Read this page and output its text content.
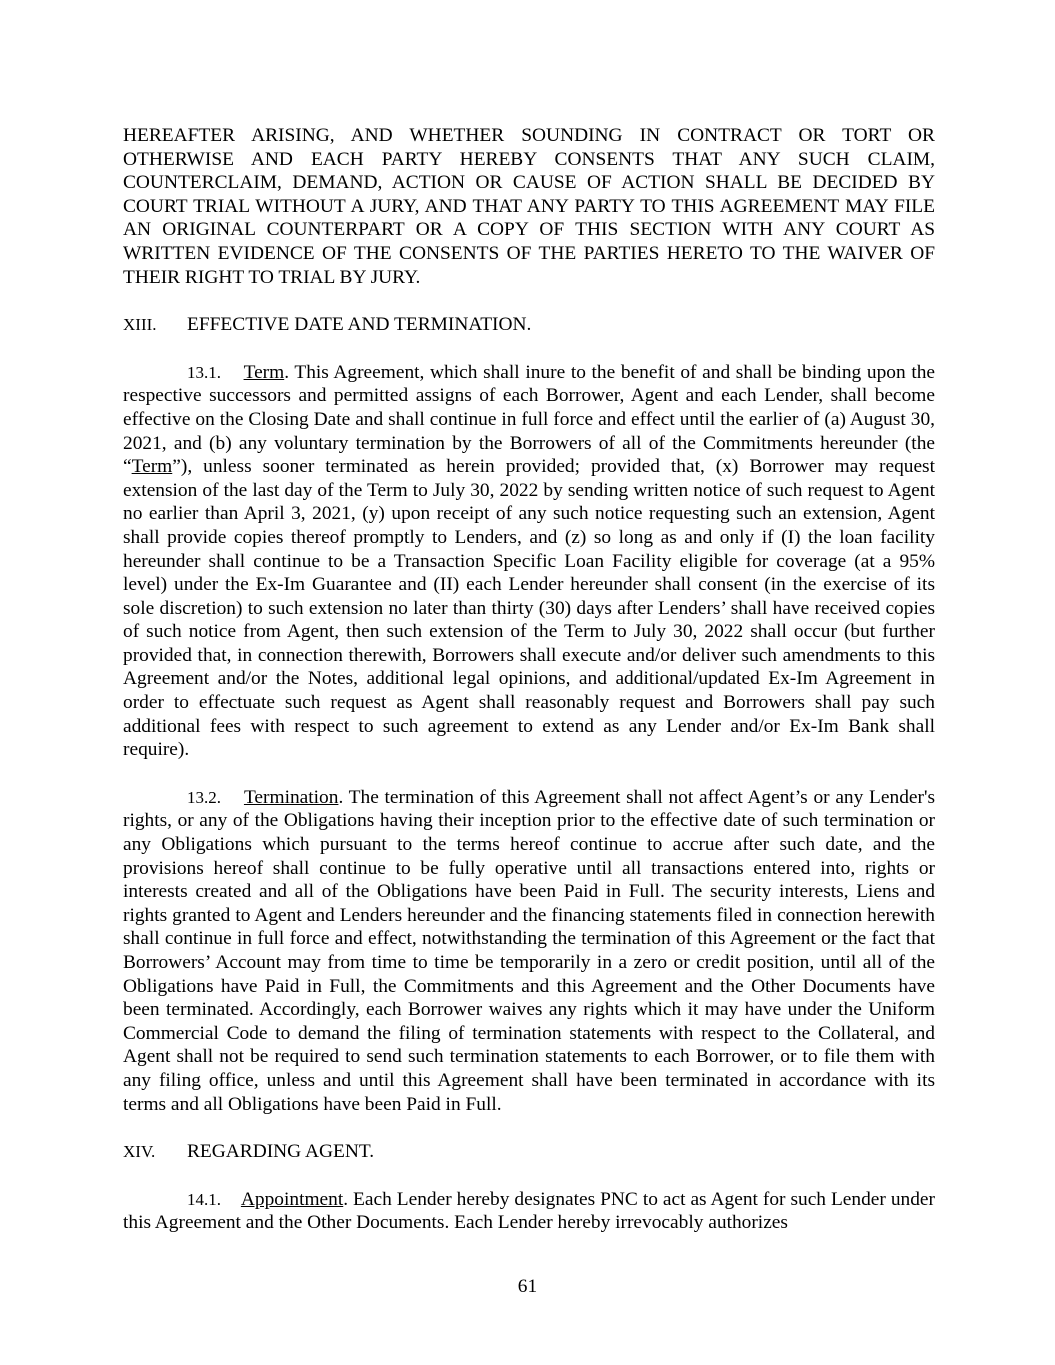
HEREAFTER ARISING, AND WHETHER SOUNDING IN CONTRACT OR TORT OR OTHERWISE AND EACH PARTY HEREBY CONSENTS THAT ANY SUCH CLAIM, COUNTERCLAIM, DEMAND, ACTION OR CAUSE OF ACTION SHALL BE DECIDED BY COURT TRIAL WITHOUT A JURY, AND THAT ANY PARTY TO THIS AGREEMENT MAY FILE AN ORIGINAL COUNTERPART OR A COPY OF THIS SECTION WITH ANY COURT AS WRITTEN EVIDENCE OF THE CONSENTS OF THE PARTIES HERETO TO THE WAIVER OF THEIR RIGHT TO TRIAL BY JURY.

XIII. EFFECTIVE DATE AND TERMINATION.

13.1. Term. This Agreement, which shall inure to the benefit of and shall be binding upon the respective successors and permitted assigns of each Borrower, Agent and each Lender, shall become effective on the Closing Date and shall continue in full force and effect until the earlier of (a) August 30, 2021, and (b) any voluntary termination by the Borrowers of all of the Commitments hereunder (the “Term”), unless sooner terminated as herein provided; provided that, (x) Borrower may request extension of the last day of the Term to July 30, 2022 by sending written notice of such request to Agent no earlier than April 3, 2021, (y) upon receipt of any such notice requesting such an extension, Agent shall provide copies thereof promptly to Lenders, and (z) so long as and only if (I) the loan facility hereunder shall continue to be a Transaction Specific Loan Facility eligible for coverage (at a 95% level) under the Ex-Im Guarantee and (II) each Lender hereunder shall consent (in the exercise of its sole discretion) to such extension no later than thirty (30) days after Lenders’ shall have received copies of such notice from Agent, then such extension of the Term to July 30, 2022 shall occur (but further provided that, in connection therewith, Borrowers shall execute and/or deliver such amendments to this Agreement and/or the Notes, additional legal opinions, and additional/updated Ex-Im Agreement in order to effectuate such request as Agent shall reasonably request and Borrowers shall pay such additional fees with respect to such agreement to extend as any Lender and/or Ex-Im Bank shall require).

13.2. Termination. The termination of this Agreement shall not affect Agent’s or any Lender's rights, or any of the Obligations having their inception prior to the effective date of such termination or any Obligations which pursuant to the terms hereof continue to accrue after such date, and the provisions hereof shall continue to be fully operative until all transactions entered into, rights or interests created and all of the Obligations have been Paid in Full. The security interests, Liens and rights granted to Agent and Lenders hereunder and the financing statements filed in connection herewith shall continue in full force and effect, notwithstanding the termination of this Agreement or the fact that Borrowers’ Account may from time to time be temporarily in a zero or credit position, until all of the Obligations have Paid in Full, the Commitments and this Agreement and the Other Documents have been terminated. Accordingly, each Borrower waives any rights which it may have under the Uniform Commercial Code to demand the filing of termination statements with respect to the Collateral, and Agent shall not be required to send such termination statements to each Borrower, or to file them with any filing office, unless and until this Agreement shall have been terminated in accordance with its terms and all Obligations have been Paid in Full.

XIV. REGARDING AGENT.

14.1. Appointment. Each Lender hereby designates PNC to act as Agent for such Lender under this Agreement and the Other Documents. Each Lender hereby irrevocably authorizes

61
